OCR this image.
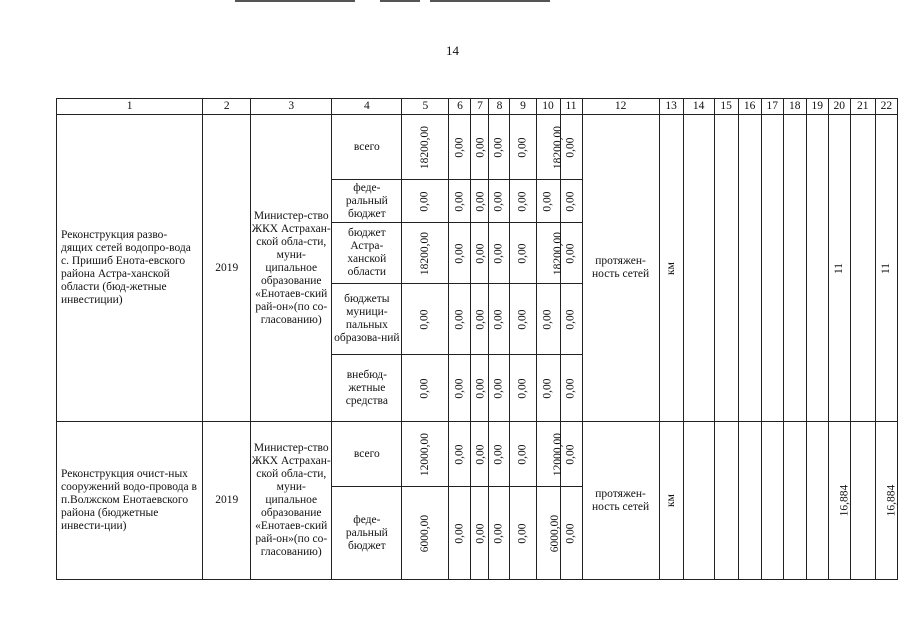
14
1	2	3	4	5	6	7	8	9	10	11	12	13	14	15	16	17	18	19	20	21	22
Реконструкция разво-дящих сетей водопро-вода с. Пришиб Енота-евского района Астра-ханской области (бюд-жетные инвестиции)	2019	Министер-ство ЖКХ Астрахан-ской обла-сти, муни-ципальное образование «Енотаев-ский рай-он»(по со-гласованию)	всего	18200,00	0,00	0,00	0,00	0,00	18200,00	0,00	протяжен-ность сетей	км							11		11
			феде-ральный бюджет	0,00	0,00	0,00	0,00	0,00	0,00	0,00											
			бюджет Астра-ханской области	18200,00	0,00	0,00	0,00	0,00	18200,00	0,00											
			бюджеты муници-пальных образова-ний	0,00	0,00	0,00	0,00	0,00	0,00	0,00											
			внебюд-жетные средства	0,00	0,00	0,00	0,00	0,00	0,00	0,00											
Реконструкция очист-ных сооружений водо-провода в п.Волжском Енотаевского района (бюджетные инвести-ции)	2019	Министер-ство ЖКХ Астрахан-ской обла-сти, муни-ципальное образование «Енотаев-ский рай-он»(по со-гласованию)	всего	12000,00	0,00	0,00	0,00	0,00	12000,00	0,00	протяжен-ность сетей	км							16,884		16,884
			феде-ральный бюджет	6000,00	0,00	0,00	0,00	0,00	6000,00	0,00											
